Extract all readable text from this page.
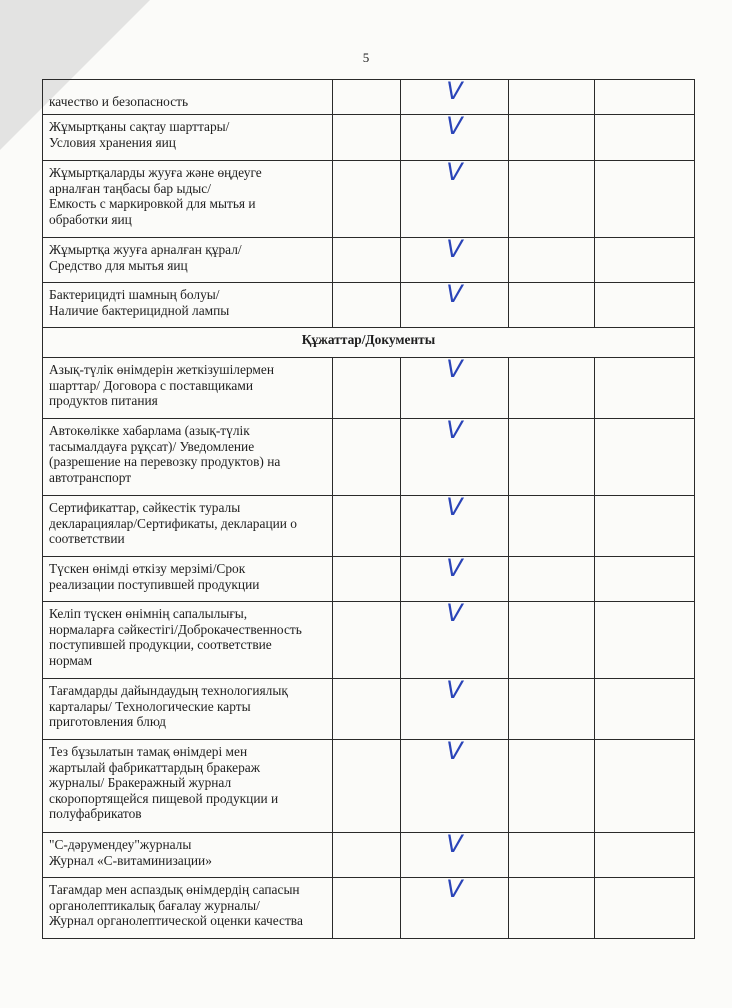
5
качество и безопасность		V		

Жұмыртқаны сақтау шарттары/
Условия хранения яиц		V		

Жұмыртқаларды жууға және өңдеуге
арналған таңбасы бар ыдыс/
Емкость с маркировкой для мытья и
обработки яиц		V		

Жұмыртқа жууға арналған құрал/
Средство для мытья яиц		V		

Бактерицидті шамның болуы/
Наличие бактерицидной лампы		V		
Құжаттар/Документы				

Азық-түлік өнімдерін жеткізушілермен
шарттар/ Договора с поставщиками
продуктов питания		V		

Автокөлікке хабарлама (азық-түлік
тасымалдауға рұқсат)/ Уведомление
(разрешение на перевозку продуктов) на
автотранспорт		V		

Сертификаттар, сәйкестік туралы
декларациялар/Сертификаты, декларации о
соответствии		V		

Түскен өнімді өткізу мерзімі/Срок
реализации поступившей продукции		V		

Келіп түскен өнімнің сапалылығы,
нормаларға сәйкестігі/Доброкачественность
поступившей продукции, соответствие
нормам		V		

Тағамдарды дайындаудың технологиялық
карталары/ Технологические карты
приготовления блюд		V		

Тез бұзылатын тамақ өнімдері мен
жартылай фабрикаттардың бракераж
журналы/ Бракеражный журнал
скоропортящейся пищевой продукции и
полуфабрикатов		V		

"С-дәрумендеу"журналы
Журнал «С-витаминизации»		V		

Тағамдар мен аспаздық өнімдердің сапасын
органолептикалық бағалау журналы/
Журнал органолептической оценки качества		V		
